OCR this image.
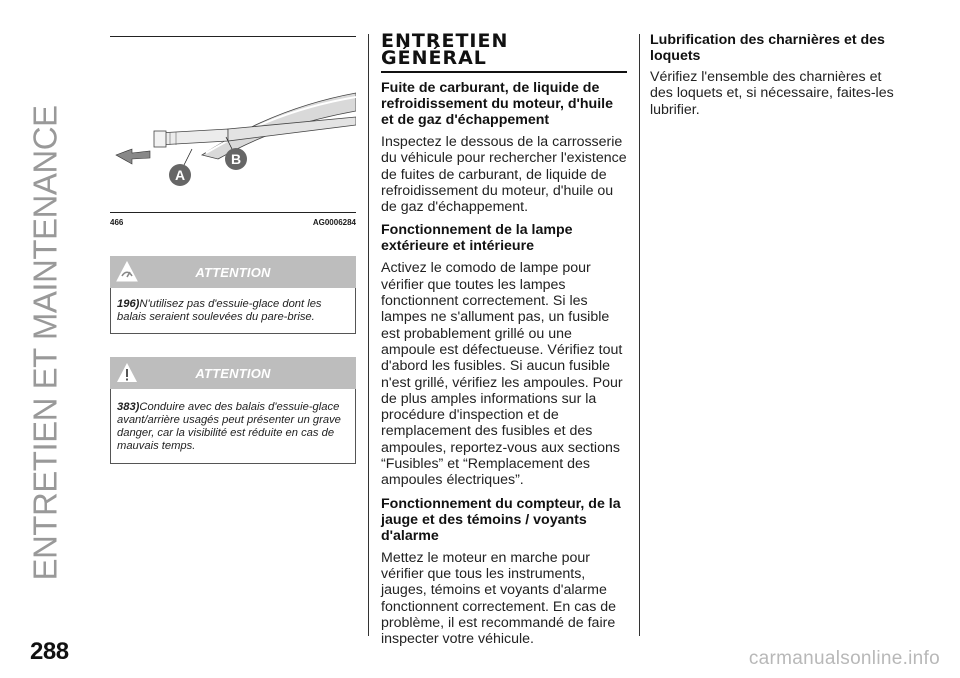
ENTRETIEN ET MAINTENANCE	A
B
466	AG0006284
ATTENTION
196)N'utilisez pas d'essuie-glace dont les balais seraient soulevées du pare-brise.
ATTENTION
383)Conduire avec des balais d'essuie-glace avant/arrière usagés peut présenter un grave danger, car la visibilité est réduite en cas de mauvais temps.
ENTRETIEN
GÉNÉRAL
Fuite de carburant, de liquide de refroidissement du moteur, d'huile et de gaz d'échappement

Inspectez le dessous de la carrosserie du véhicule pour rechercher l'existence de fuites de carburant, de liquide de refroidissement du moteur, d'huile ou de gaz d'échappement.

Fonctionnement de la lampe extérieure et intérieure

Activez le comodo de lampe pour vérifier que toutes les lampes fonctionnent correctement. Si les lampes ne s'allument pas, un fusible est probablement grillé ou une ampoule est défectueuse. Vérifiez tout d'abord les fusibles. Si aucun fusible n'est grillé, vérifiez les ampoules. Pour de plus amples informations sur la procédure d'inspection et de remplacement des fusibles et des ampoules, reportez-vous aux sections “Fusibles” et “Remplacement des ampoules électriques”.

Fonctionnement du compteur, de la jauge et des témoins / voyants d'alarme

Mettez le moteur en marche pour vérifier que tous les instruments, jauges, témoins et voyants d'alarme fonctionnent correctement. En cas de problème, il est recommandé de faire inspecter votre véhicule.

Lubrification des charnières et des loquets

Vérifiez l'ensemble des charnières et des loquets et, si nécessaire, faites-les lubrifier.

288	carmanualsonline.info
